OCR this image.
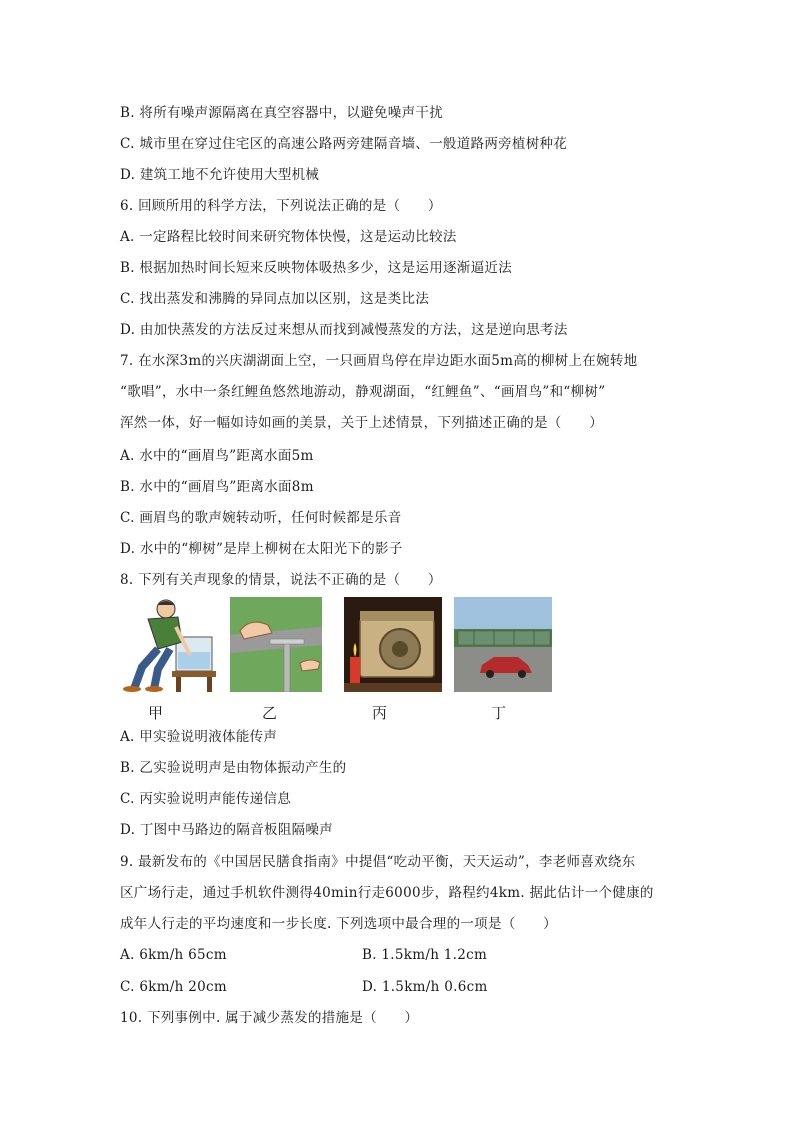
B. 将所有噪声源隔离在真空容器中，以避免噪声干扰
C. 城市里在穿过住宅区的高速公路两旁建隔音墙、一般道路两旁植树种花
D. 建筑工地不允许使用大型机械
6. 回顾所用的科学方法，下列说法正确的是（　　）
A. 一定路程比较时间来研究物体快慢，这是运动比较法
B. 根据加热时间长短来反映物体吸热多少，这是运用逐渐逼近法
C. 找出蒸发和沸腾的异同点加以区别，这是类比法
D. 由加快蒸发的方法反过来想从而找到减慢蒸发的方法，这是逆向思考法
7. 在水深3m的兴庆湖湖面上空，一只画眉鸟停在岸边距水面5m高的柳树上在婉转地
“歌唱”，水中一条红鲤鱼悠然地游动，静观湖面，“红鲤鱼”、“画眉鸟”和“柳树”
浑然一体，好一幅如诗如画的美景，关于上述情景，下列描述正确的是（　　）
A. 水中的“画眉鸟”距离水面5m
B. 水中的“画眉鸟”距离水面8m
C. 画眉鸟的歌声婉转动听，任何时候都是乐音
D. 水中的“柳树”是岸上柳树在太阳光下的影子
8. 下列有关声现象的情景，说法不正确的是（　　）
甲	乙	丙	丁
A. 甲实验说明液体能传声
B. 乙实验说明声是由物体振动产生的
C. 丙实验说明声能传递信息
D. 丁图中马路边的隔音板阻隔噪声
9. 最新发布的《中国居民膳食指南》中提倡“吃动平衡，天天运动”，李老师喜欢绕东
区广场行走，通过手机软件测得40min行走6000步，路程约4km. 据此估计一个健康的
成年人行走的平均速度和一步长度. 下列选项中最合理的一项是（　　）
A. 6km/h 65cm	B. 1.5km/h 1.2cm
C. 6km/h 20cm	D. 1.5km/h 0.6cm
10. 下列事例中. 属于减少蒸发的措施是（　　）
